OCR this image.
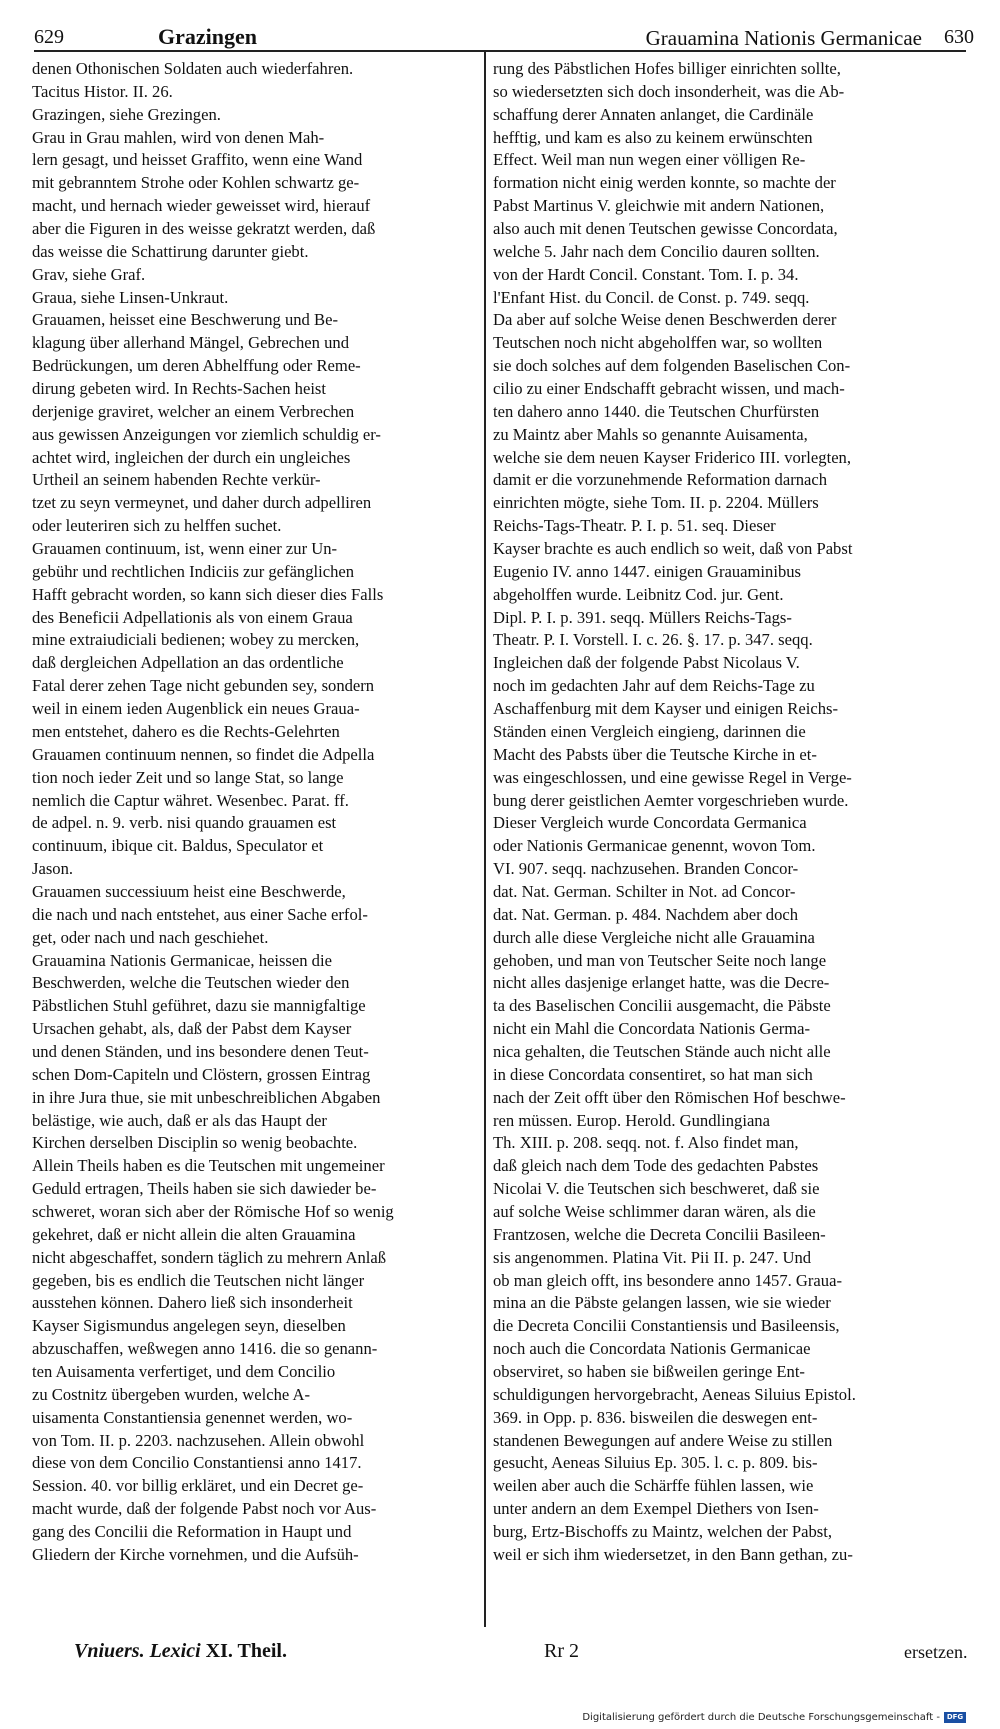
629	Grazingen	Grauamina Nationis Germanicae 630
denen Othonischen Soldaten auch wiederfahren.
Tacitus Histor. II. 26.
Grazingen, siehe Grezingen.
Grau in Grau mahlen, wird von denen Mah-
lern gesagt, und heisset Graffito, wenn eine Wand
mit gebranntem Strohe oder Kohlen schwartz ge-
macht, und hernach wieder geweisset wird, hierauf
aber die Figuren in des weisse gekratzt werden, daß
das weisse die Schattirung darunter giebt.
Grav, siehe Graf.
Graua, siehe Linsen-Unkraut.
Grauamen, heisset eine Beschwerung und Be-
klagung über allerhand Mängel, Gebrechen und
Bedrückungen, um deren Abhelffung oder Reme-
dirung gebeten wird. In Rechts-Sachen heist
derjenige graviret, welcher an einem Verbrechen
aus gewissen Anzeigungen vor ziemlich schuldig er-
achtet wird, ingleichen der durch ein ungleiches
Urtheil an seinem habenden Rechte verkür-
tzet zu seyn vermeynet, und daher durch adpelliren
oder leuteriren sich zu helffen suchet.
Grauamen continuum, ist, wenn einer zur Un-
gebühr und rechtlichen Indiciis zur gefänglichen
Hafft gebracht worden, so kann sich dieser dies Falls
des Beneficii Adpellationis als von einem Graua
mine extraiudiciali bedienen; wobey zu mercken,
daß dergleichen Adpellation an das ordentliche
Fatal derer zehen Tage nicht gebunden sey, sondern
weil in einem ieden Augenblick ein neues Grauа-
men entstehet, dahero es die Rechts-Gelehrten
Grauamen continuum nennen, so findet die Adpella
tion noch ieder Zeit und so lange Stat, so lange
nemlich die Captur währet. Wesenbec. Parat. ff.
de adpel. n. 9. verb. nisi quando grauamen est
continuum, ibique cit. Baldus, Speculator et
Jason.
Grauamen successiuum heist eine Beschwerde,
die nach und nach entstehet, aus einer Sache erfol-
get, oder nach und nach geschiehet.
Grauamina Nationis Germanicae, heissen die
Beschwerden, welche die Teutschen wieder den
Päbstlichen Stuhl geführet, dazu sie mannigfaltige
Ursachen gehabt, als, daß der Pabst dem Kayser
und denen Ständen, und ins besondere denen Teut-
schen Dom-Capiteln und Clöstern, grossen Eintrag
in ihre Jura thue, sie mit unbeschreiblichen Abgaben
belästige, wie auch, daß er als das Haupt der
Kirchen derselben Disciplin so wenig beobachte.
Allein Theils haben es die Teutschen mit ungemeiner
Geduld ertragen, Theils haben sie sich dawieder be-
schweret, woran sich aber der Römische Hof so wenig
gekehret, daß er nicht allein die alten Grauamina
nicht abgeschaffet, sondern täglich zu mehrern Anlaß
gegeben, bis es endlich die Teutschen nicht länger
ausstehen können. Dahero ließ sich insonderheit
Kayser Sigismundus angelegen seyn, dieselben
abzuschaffen, weßwegen anno 1416. die so genann-
ten Auisamenta verfertiget, und dem Concilio
zu Costnitz übergeben wurden, welche A-
uisamenta Constantiensia genennet werden, wo-
von Tom. II. p. 2203. nachzusehen. Allein obwohl
diese von dem Concilio Constantiensi anno 1417.
Session. 40. vor billig erkläret, und ein Decret ge-
macht wurde, daß der folgende Pabst noch vor Aus-
gang des Concilii die Reformation in Haupt und
Gliedern der Kirche vornehmen, und die Aufsüh-
rung des Päbstlichen Hofes billiger einrichten sollte,
so wiedersetzten sich doch insonderheit, was die Ab-
schaffung derer Annaten anlanget, die Cardinäle
hefftig, und kam es also zu keinem erwünschten
Effect. Weil man nun wegen einer völligen Re-
formation nicht einig werden konnte, so machte der
Pabst Martinus V. gleichwie mit andern Nationen,
also auch mit denen Teutschen gewisse Concordata,
welche 5. Jahr nach dem Concilio dauren sollten.
von der Hardt Concil. Constant. Tom. I. p. 34.
l'Enfant Hist. du Concil. de Const. p. 749. seqq.
Da aber auf solche Weise denen Beschwerden derer
Teutschen noch nicht abgeholffen war, so wollten
sie doch solches auf dem folgenden Baselischen Con-
cilio zu einer Endschafft gebracht wissen, und mach-
ten dahero anno 1440. die Teutschen Churfürsten
zu Maintz aber Mahls so genannte Auisamenta,
welche sie dem neuen Kayser Friderico III. vorlegten,
damit er die vorzunehmende Reformation darnach
einrichten mögte, siehe Tom. II. p. 2204. Müllers
Reichs-Tags-Theatr. P. I. p. 51. seq. Dieser
Kayser brachte es auch endlich so weit, daß von Pabst
Eugenio IV. anno 1447. einigen Grauaminibus
abgeholffen wurde. Leibnitz Cod. jur. Gent.
Dipl. P. I. p. 391. seqq. Müllers Reichs-Tags-
Theatr. P. I. Vorstell. I. c. 26. §. 17. p. 347. seqq.
Ingleichen daß der folgende Pabst Nicolaus V.
noch im gedachten Jahr auf dem Reichs-Tage zu
Aschaffenburg mit dem Kayser und einigen Reichs-
Ständen einen Vergleich eingieng, darinnen die
Macht des Pabsts über die Teutsche Kirche in et-
was eingeschlossen, und eine gewisse Regel in Verge-
bung derer geistlichen Aemter vorgeschrieben wurde.
Dieser Vergleich wurde Concordata Germanica
oder Nationis Germanicae genennt, wovon Tom.
VI. 907. seqq. nachzusehen. Branden Concor-
dat. Nat. German. Schilter in Not. ad Concor-
dat. Nat. German. p. 484. Nachdem aber doch
durch alle diese Vergleiche nicht alle Grauamina
gehoben, und man von Teutscher Seite noch lange
nicht alles dasjenige erlanget hatte, was die Decre-
ta des Baselischen Concilii ausgemacht, die Päbste
nicht ein Mahl die Concordata Nationis Germa-
nica gehalten, die Teutschen Stände auch nicht alle
in diese Concordata consentiret, so hat man sich
nach der Zeit offt über den Römischen Hof beschwe-
ren müssen. Europ. Herold. Gundlingiana
Th. XIII. p. 208. seqq. not. f. Also findet man,
daß gleich nach dem Tode des gedachten Pabstes
Nicolai V. die Teutschen sich beschweret, daß sie
auf solche Weise schlimmer daran wären, als die
Frantzosen, welche die Decreta Concilii Basileen-
sis angenommen. Platina Vit. Pii II. p. 247. Und
ob man gleich offt, ins besondere anno 1457. Graua-
mina an die Päbste gelangen lassen, wie sie wieder
die Decreta Concilii Constantiensis und Basileensis,
noch auch die Concordata Nationis Germanicae
observiret, so haben sie bißweilen geringe Ent-
schuldigungen hervorgebracht, Aeneas Siluius Epistol.
369. in Opp. p. 836. bisweilen die deswegen ent-
standenen Bewegungen auf andere Weise zu stillen
gesucht, Aeneas Siluius Ep. 305. l. c. p. 809. bis-
weilen aber auch die Schärffe fühlen lassen, wie
unter andern an dem Exempel Diethers von Isen-
burg, Ertz-Bischoffs zu Maintz, welchen der Pabst,
weil er sich ihm wiedersetzet, in den Bann gethan, zu-
Vniuers. Lexici XI. Theil.	Rr 2	ersetzen.
Digitalisierung gefördert durch die Deutsche Forschungsgemeinschaft - DFG
